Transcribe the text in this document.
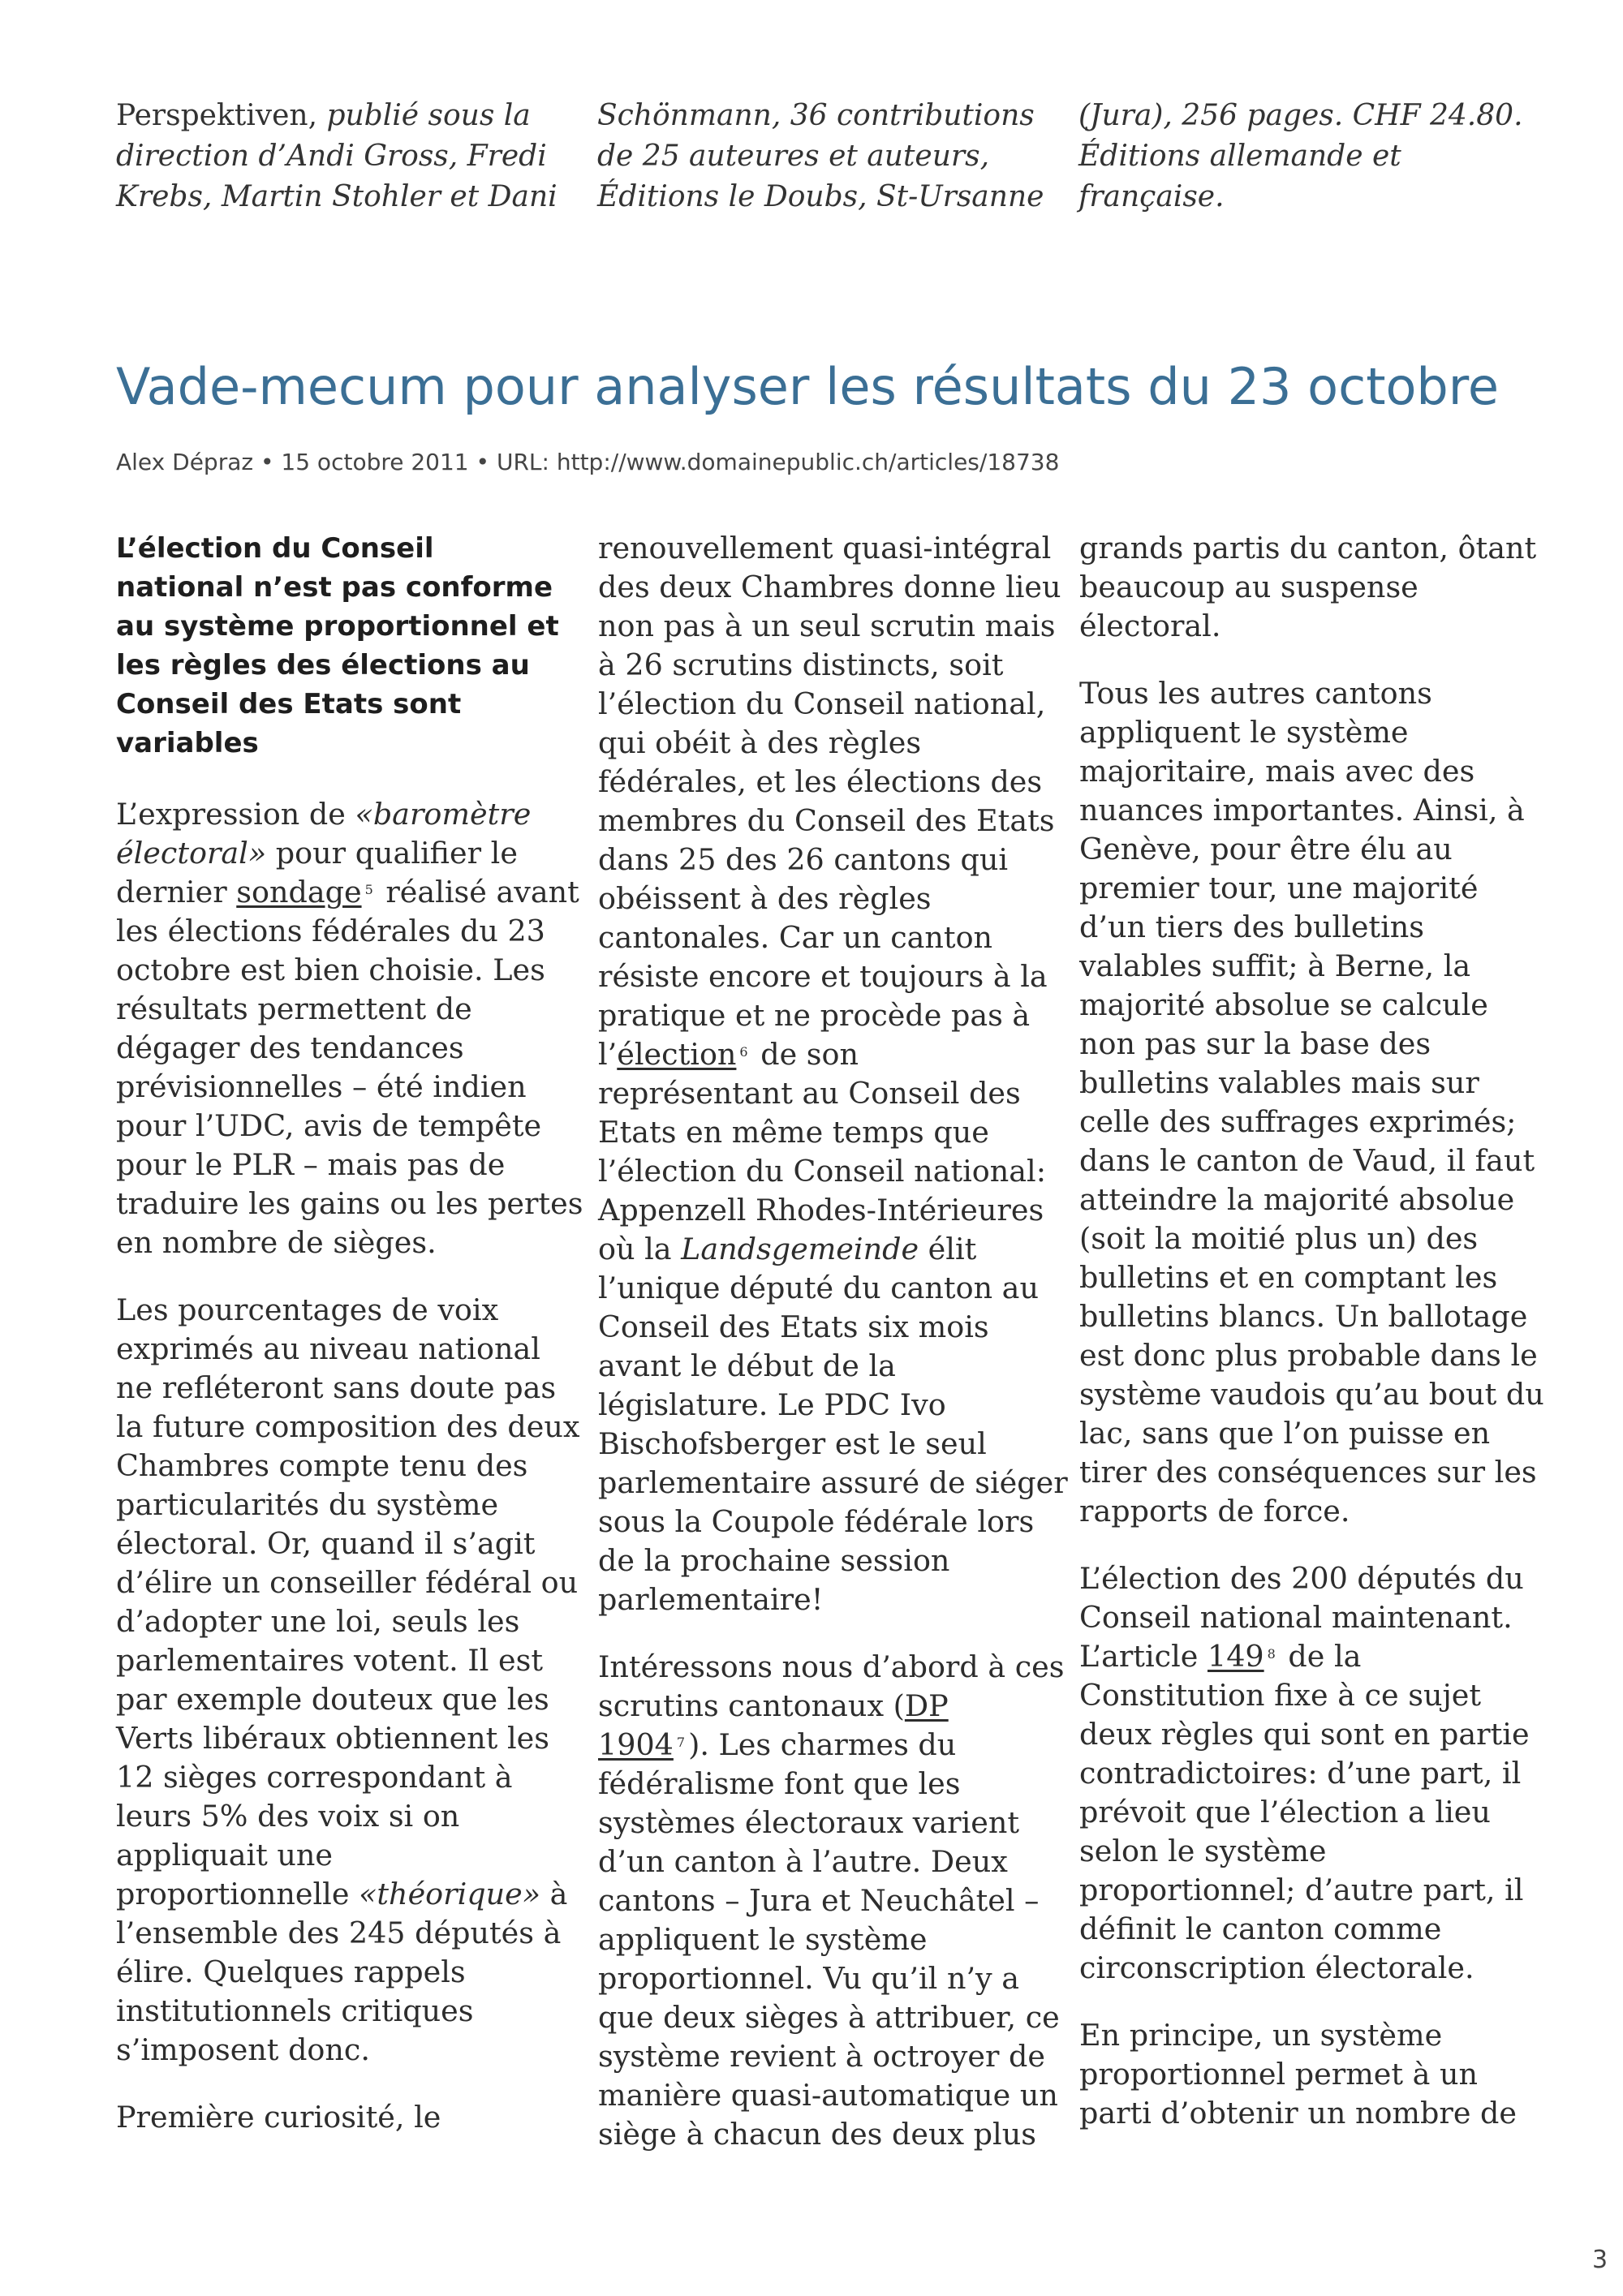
Perspektiven, publié sous la
direction d’Andi Gross, Fredi
Krebs, Martin Stohler et Dani
Schönmann, 36 contributions
de 25 auteures et auteurs,
Éditions le Doubs, St-Ursanne
(Jura), 256 pages. CHF 24.80.
Éditions allemande et
française.
Vade-mecum pour analyser les résultats du 23 octobre
Alex Dépraz • 15 octobre 2011 • URL: http://www.domainepublic.ch/articles/18738

L’élection du Conseil
national n’est pas conforme
au système proportionnel et
les règles des élections au
Conseil des Etats sont
variables

L’expression de «baromètre
électoral» pour qualifier le
dernier sondage $^5$ réalisé avant
les élections fédérales du 23
octobre est bien choisie. Les
résultats permettent de
dégager des tendances
prévisionnelles – été indien
pour l’UDC, avis de tempête
pour le PLR – mais pas de
traduire les gains ou les pertes
en nombre de sièges.

Les pourcentages de voix
exprimés au niveau national
ne refléteront sans doute pas
la future composition des deux
Chambres compte tenu des
particularités du système
électoral. Or, quand il s’agit
d’élire un conseiller fédéral ou
d’adopter une loi, seuls les
parlementaires votent. Il est
par exemple douteux que les
Verts libéraux obtiennent les
12 sièges correspondant à
leurs 5% des voix si on
appliquait une
proportionnelle «théorique» à
l’ensemble des 245 députés à
élire. Quelques rappels
institutionnels critiques
s’imposent donc.

Première curiosité, le

renouvellement quasi-intégral
des deux Chambres donne lieu
non pas à un seul scrutin mais
à 26 scrutins distincts, soit
l’élection du Conseil national,
qui obéit à des règles
fédérales, et les élections des
membres du Conseil des Etats
dans 25 des 26 cantons qui
obéissent à des règles
cantonales. Car un canton
résiste encore et toujours à la
pratique et ne procède pas à
l’élection $^6$ de son
représentant au Conseil des
Etats en même temps que
l’élection du Conseil national:
Appenzell Rhodes-Intérieures
où la Landsgemeinde élit
l’unique député du canton au
Conseil des Etats six mois
avant le début de la
législature. Le PDC Ivo
Bischofsberger est le seul
parlementaire assuré de siéger
sous la Coupole fédérale lors
de la prochaine session
parlementaire!

Intéressons nous d’abord à ces
scrutins cantonaux (DP
1904 $^7$ ). Les charmes du
fédéralisme font que les
systèmes électoraux varient
d’un canton à l’autre. Deux
cantons – Jura et Neuchâtel –
appliquent le système
proportionnel. Vu qu’il n’y a
que deux sièges à attribuer, ce
système revient à octroyer de
manière quasi-automatique un
siège à chacun des deux plus

grands partis du canton, ôtant
beaucoup au suspense
électoral.

Tous les autres cantons
appliquent le système
majoritaire, mais avec des
nuances importantes. Ainsi, à
Genève, pour être élu au
premier tour, une majorité
d’un tiers des bulletins
valables suffit; à Berne, la
majorité absolue se calcule
non pas sur la base des
bulletins valables mais sur
celle des suffrages exprimés;
dans le canton de Vaud, il faut
atteindre la majorité absolue
(soit la moitié plus un) des
bulletins et en comptant les
bulletins blancs. Un ballotage
est donc plus probable dans le
système vaudois qu’au bout du
lac, sans que l’on puisse en
tirer des conséquences sur les
rapports de force.

L’élection des 200 députés du
Conseil national maintenant.
L’article 149 $^8$ de la
Constitution fixe à ce sujet
deux règles qui sont en partie
contradictoires: d’une part, il
prévoit que l’élection a lieu
selon le système
proportionnel; d’autre part, il
définit le canton comme
circonscription électorale.

En principe, un système
proportionnel permet à un
parti d’obtenir un nombre de

3
